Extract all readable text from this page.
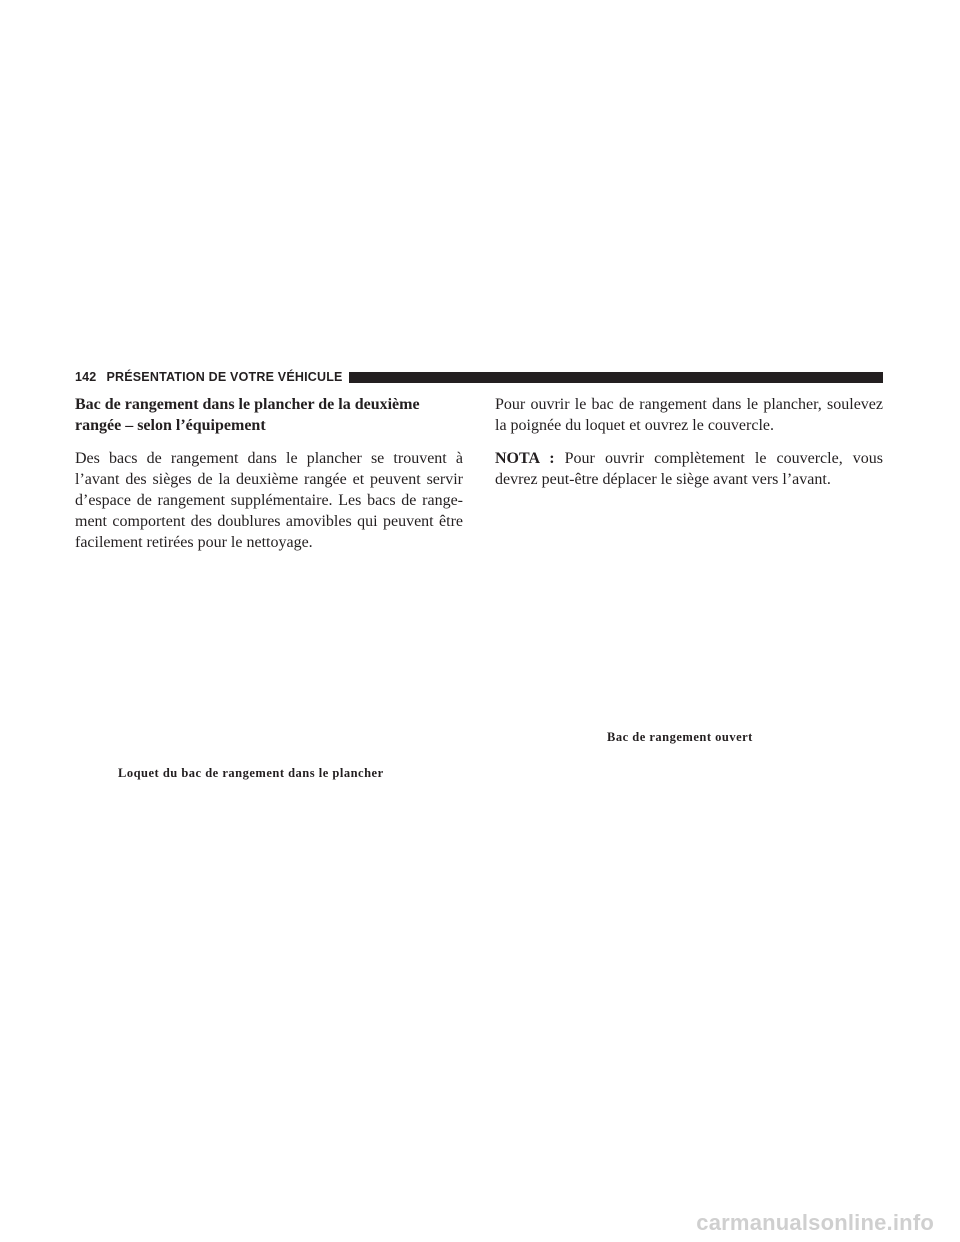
142 PRÉSENTATION DE VOTRE VÉHICULE
Bac de rangement dans le plancher de la deuxième
rangée – selon l’équipement

Des bacs de rangement dans le plancher se trouvent à l’avant des sièges de la deuxième rangée et peuvent servir d’espace de rangement supplémentaire. Les bacs de range-ment comportent des doublures amovibles qui peuvent être facilement retirées pour le nettoyage.

Pour ouvrir le bac de rangement dans le plancher, soulevez la poignée du loquet et ouvrez le couvercle.

NOTA : Pour ouvrir complètement le couvercle, vous devrez peut-être déplacer le siège avant vers l’avant.

Bac de rangement ouvert
Loquet du bac de rangement dans le plancher
carmanualsonline.info
